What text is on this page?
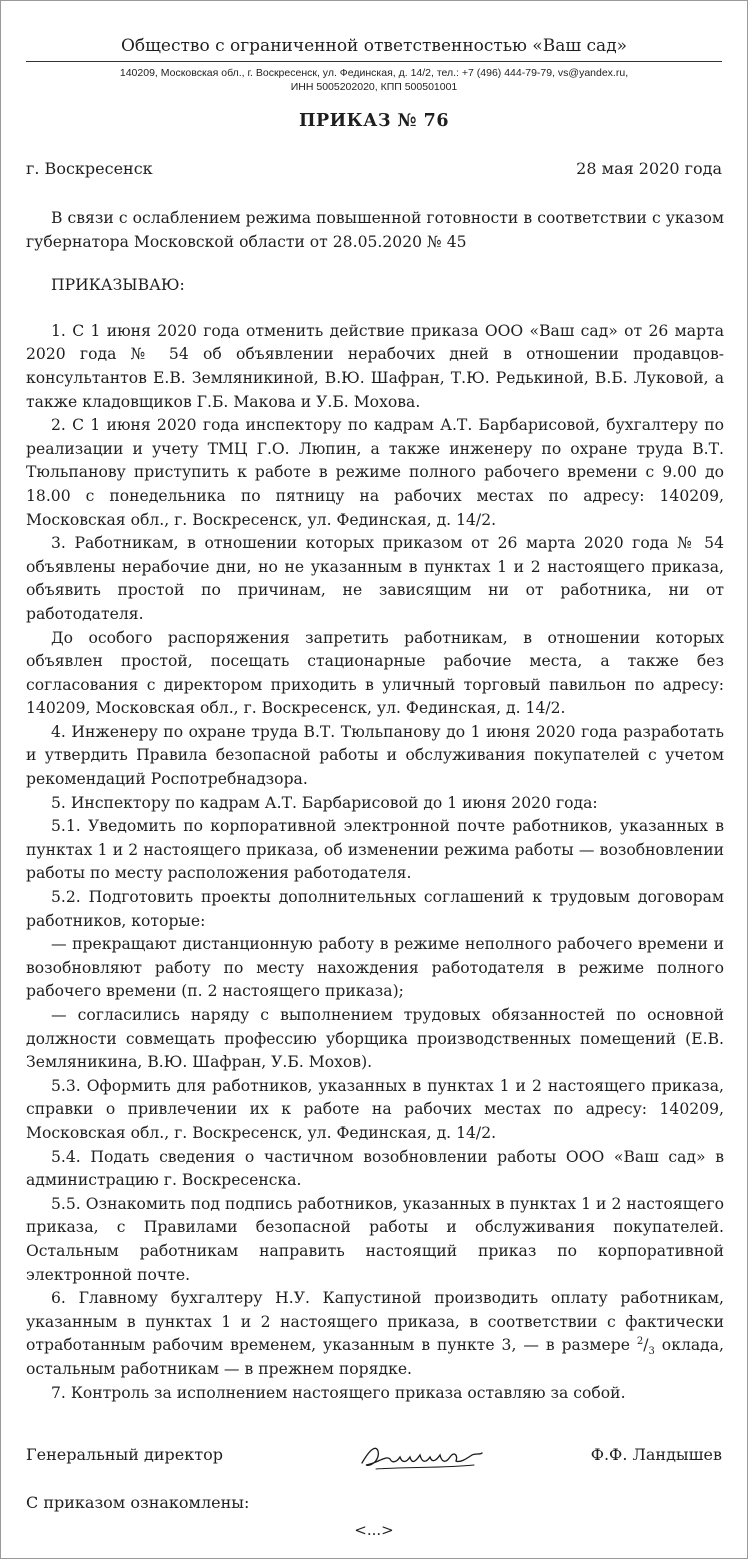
Общество с ограниченной ответственностью «Ваш сад»
140209, Московская обл., г. Воскресенск, ул. Фединская, д. 14/2, тел.: +7 (496) 444-79-79, vs@yandex.ru,
ИНН 5005202020, КПП 500501001
ПРИКАЗ № 76
г. Воскресенск	28 мая 2020 года

В связи с ослаблением режима повышенной готовности в соответствии с указом губернатора Московской области от 28.05.2020 № 45

ПРИКАЗЫВАЮ:

1. С 1 июня 2020 года отменить действие приказа ООО «Ваш сад» от 26 марта 2020 года № 54 об объявлении нерабочих дней в отношении продавцов-консультантов Е.В. Земляникиной, В.Ю. Шафран, Т.Ю. Редькиной, В.Б. Луковой, а также кладовщиков Г.Б. Макова и У.Б. Мохова.

2. С 1 июня 2020 года инспектору по кадрам А.Т. Барбарисовой, бухгалтеру по реализации и учету ТМЦ Г.О. Люпин, а также инженеру по охране труда В.Т. Тюльпанову приступить к работе в режиме полного рабочего времени с 9.00 до 18.00 с понедельника по пятницу на рабочих местах по адресу: 140209, Московская обл., г. Воскресенск, ул. Фединская, д. 14/2.

3. Работникам, в отношении которых приказом от 26 марта 2020 года № 54 объявлены нерабочие дни, но не указанным в пунктах 1 и 2 настоящего приказа, объявить простой по причинам, не зависящим ни от работника, ни от работодателя.

До особого распоряжения запретить работникам, в отношении которых объявлен простой, посещать стационарные рабочие места, а также без согласования с директором приходить в уличный торговый павильон по адресу: 140209, Московская обл., г. Воскресенск, ул. Фединская, д. 14/2.

4. Инженеру по охране труда В.Т. Тюльпанову до 1 июня 2020 года разработать и утвердить Правила безопасной работы и обслуживания покупателей с учетом рекомендаций Роспотребнадзора.

5. Инспектору по кадрам А.Т. Барбарисовой до 1 июня 2020 года:

5.1. Уведомить по корпоративной электронной почте работников, указанных в пунктах 1 и 2 настоящего приказа, об изменении режима работы — возобновлении работы по месту расположения работодателя.

5.2. Подготовить проекты дополнительных соглашений к трудовым договорам работников, которые:

— прекращают дистанционную работу в режиме неполного рабочего времени и возобновляют работу по месту нахождения работодателя в режиме полного рабочего времени (п. 2 настоящего приказа);

— согласились наряду с выполнением трудовых обязанностей по основной должности совмещать профессию уборщика производственных помещений (Е.В. Земляникина, В.Ю. Шафран, У.Б. Мохов).

5.3. Оформить для работников, указанных в пунктах 1 и 2 настоящего приказа, справки о привлечении их к работе на рабочих местах по адресу: 140209, Московская обл., г. Воскресенск, ул. Фединская, д. 14/2.

5.4. Подать сведения о частичном возобновлении работы ООО «Ваш сад» в администрацию г. Воскресенска.

5.5. Ознакомить под подпись работников, указанных в пунктах 1 и 2 настоящего приказа, с Правилами безопасной работы и обслуживания покупателей. Остальным работникам направить настоящий приказ по корпоративной электронной почте.

6. Главному бухгалтеру Н.У. Капустиной производить оплату работникам, указанным в пунктах 1 и 2 настоящего приказа, в соответствии с фактически отработанным рабочим временем, указанным в пункте 3, — в размере $^2/_3$ оклада, остальным работникам — в прежнем порядке.

7. Контроль за исполнением настоящего приказа оставляю за собой.

Генеральный директор	Ф.Ф. Ландышев
С приказом ознакомлены:
<...>
